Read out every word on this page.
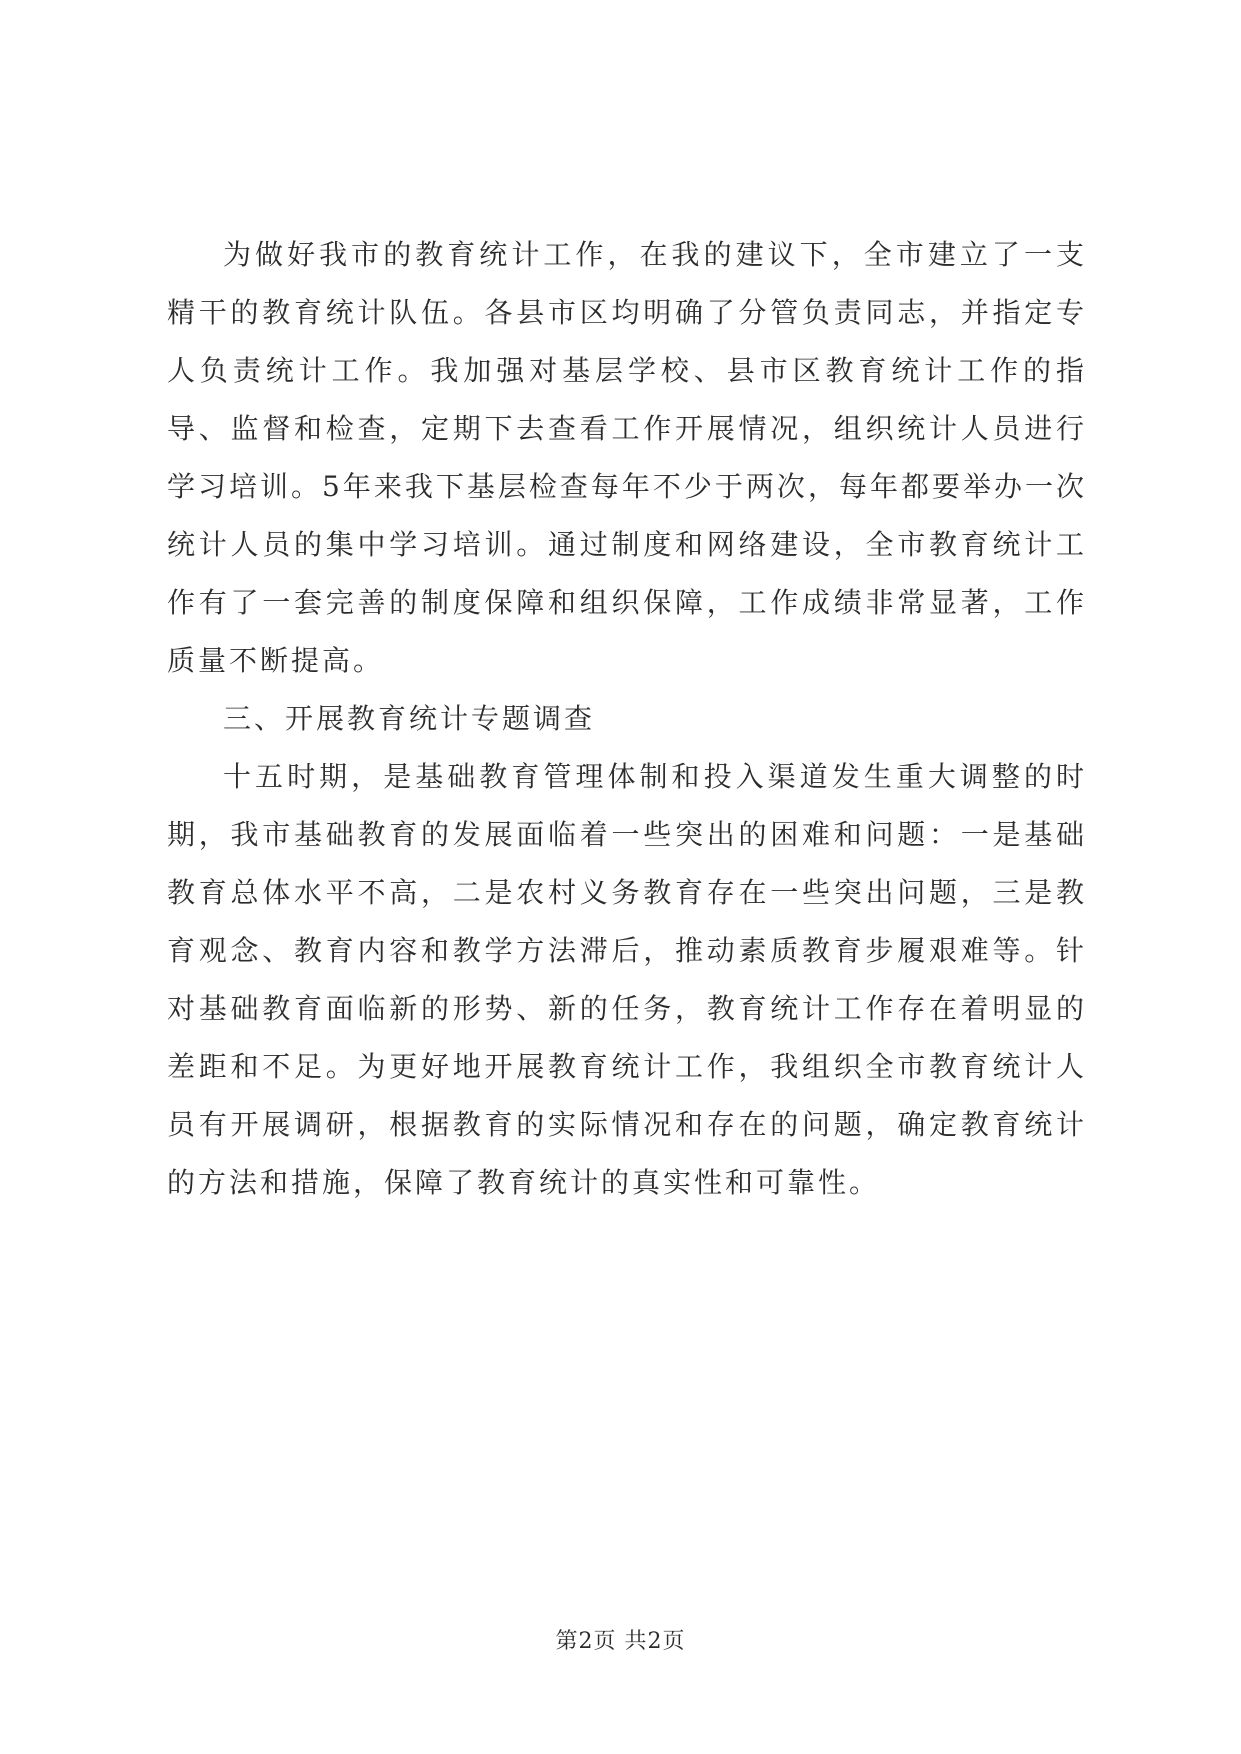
为做好我市的教育统计工作，在我的建议下，全市建立了一支精干的教育统计队伍。各县市区均明确了分管负责同志，并指定专人负责统计工作。我加强对基层学校、县市区教育统计工作的指导、监督和检查，定期下去查看工作开展情况，组织统计人员进行学习培训。5年来我下基层检查每年不少于两次，每年都要举办一次统计人员的集中学习培训。通过制度和网络建设，全市教育统计工作有了一套完善的制度保障和组织保障，工作成绩非常显著，工作质量不断提高。

三、开展教育统计专题调查

十五时期，是基础教育管理体制和投入渠道发生重大调整的时期，我市基础教育的发展面临着一些突出的困难和问题：一是基础教育总体水平不高，二是农村义务教育存在一些突出问题，三是教育观念、教育内容和教学方法滞后，推动素质教育步履艰难等。针对基础教育面临新的形势、新的任务，教育统计工作存在着明显的差距和不足。为更好地开展教育统计工作，我组织全市教育统计人员有开展调研，根据教育的实际情况和存在的问题，确定教育统计的方法和措施，保障了教育统计的真实性和可靠性。

第2页 共2页
